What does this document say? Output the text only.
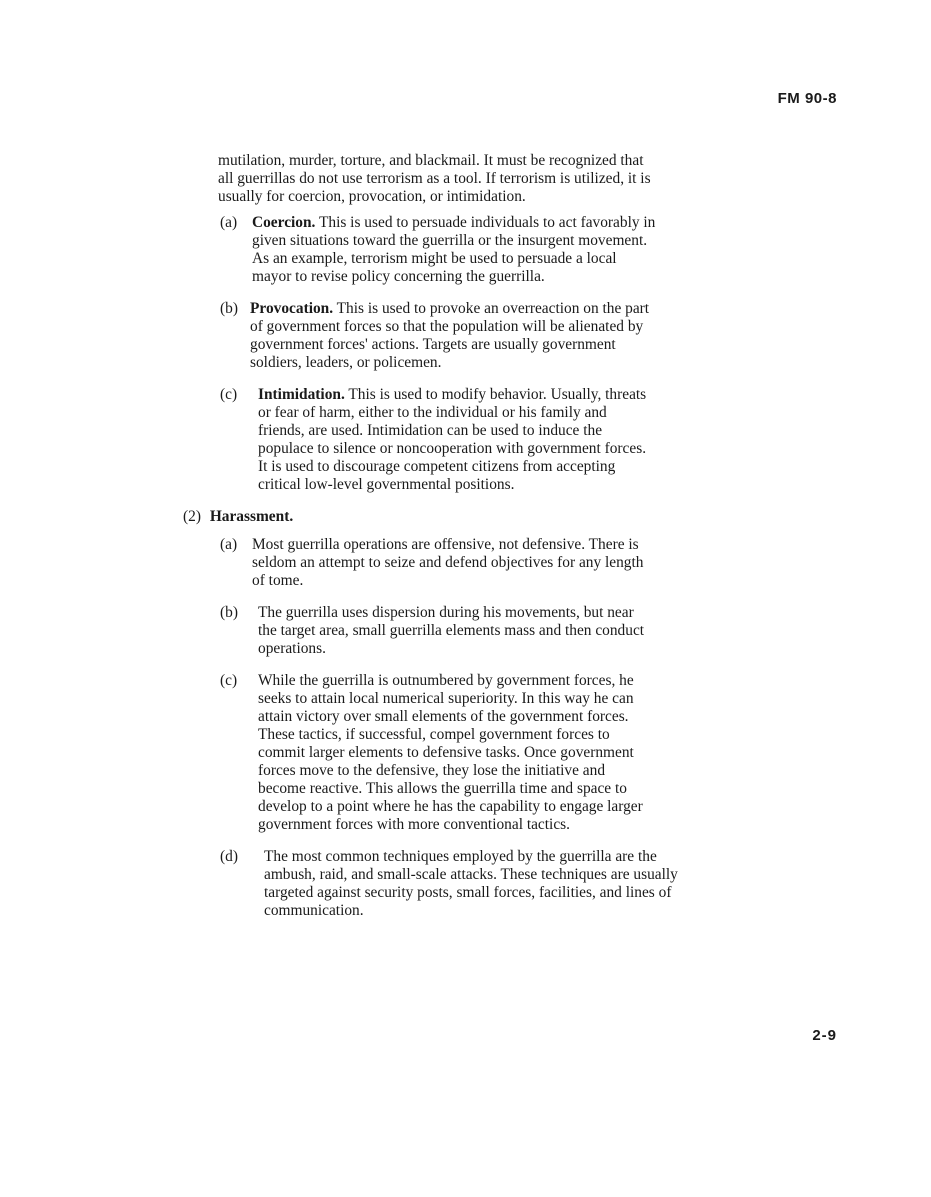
FM 90-8
mutilation, murder, torture, and blackmail. It must be recognized that all guerrillas do not use terrorism as a tool. If terrorism is utilized, it is usually for coercion, provocation, or intimidation.
(a) Coercion. This is used to persuade individuals to act favorably in given situations toward the guerrilla or the insurgent movement. As an example, terrorism might be used to persuade a local mayor to revise policy concerning the guerrilla.
(b) Provocation. This is used to provoke an overreaction on the part of government forces so that the population will be alienated by government forces' actions. Targets are usually government soldiers, leaders, or policemen.
(c)	Intimidation. This is used to modify behavior. Usually, threats or fear of harm, either to the individual or his family and friends, are used. Intimidation can be used to induce the populace to silence or noncooperation with government forces. It is used to discourage competent citizens from accepting critical low-level governmental positions.
(2) Harassment.
(a) Most guerrilla operations are offensive, not defensive. There is seldom an attempt to seize and defend objectives for any length of tome.
(b)	The guerrilla uses dispersion during his movements, but near the target area, small guerrilla elements mass and then conduct operations.
(c)	While the guerrilla is outnumbered by government forces, he seeks to attain local numerical superiority. In this way he can attain victory over small elements of the government forces. These tactics, if successful, compel government forces to commit larger elements to defensive tasks. Once government forces move to the defensive, they lose the initiative and become reactive. This allows the guerrilla time and space to develop to a point where he has the capability to engage larger government forces with more conventional tactics.
(d)	The most common techniques employed by the guerrilla are the ambush, raid, and small-scale attacks. These techniques are usually targeted against security posts, small forces, facilities, and lines of communication.
2-9
